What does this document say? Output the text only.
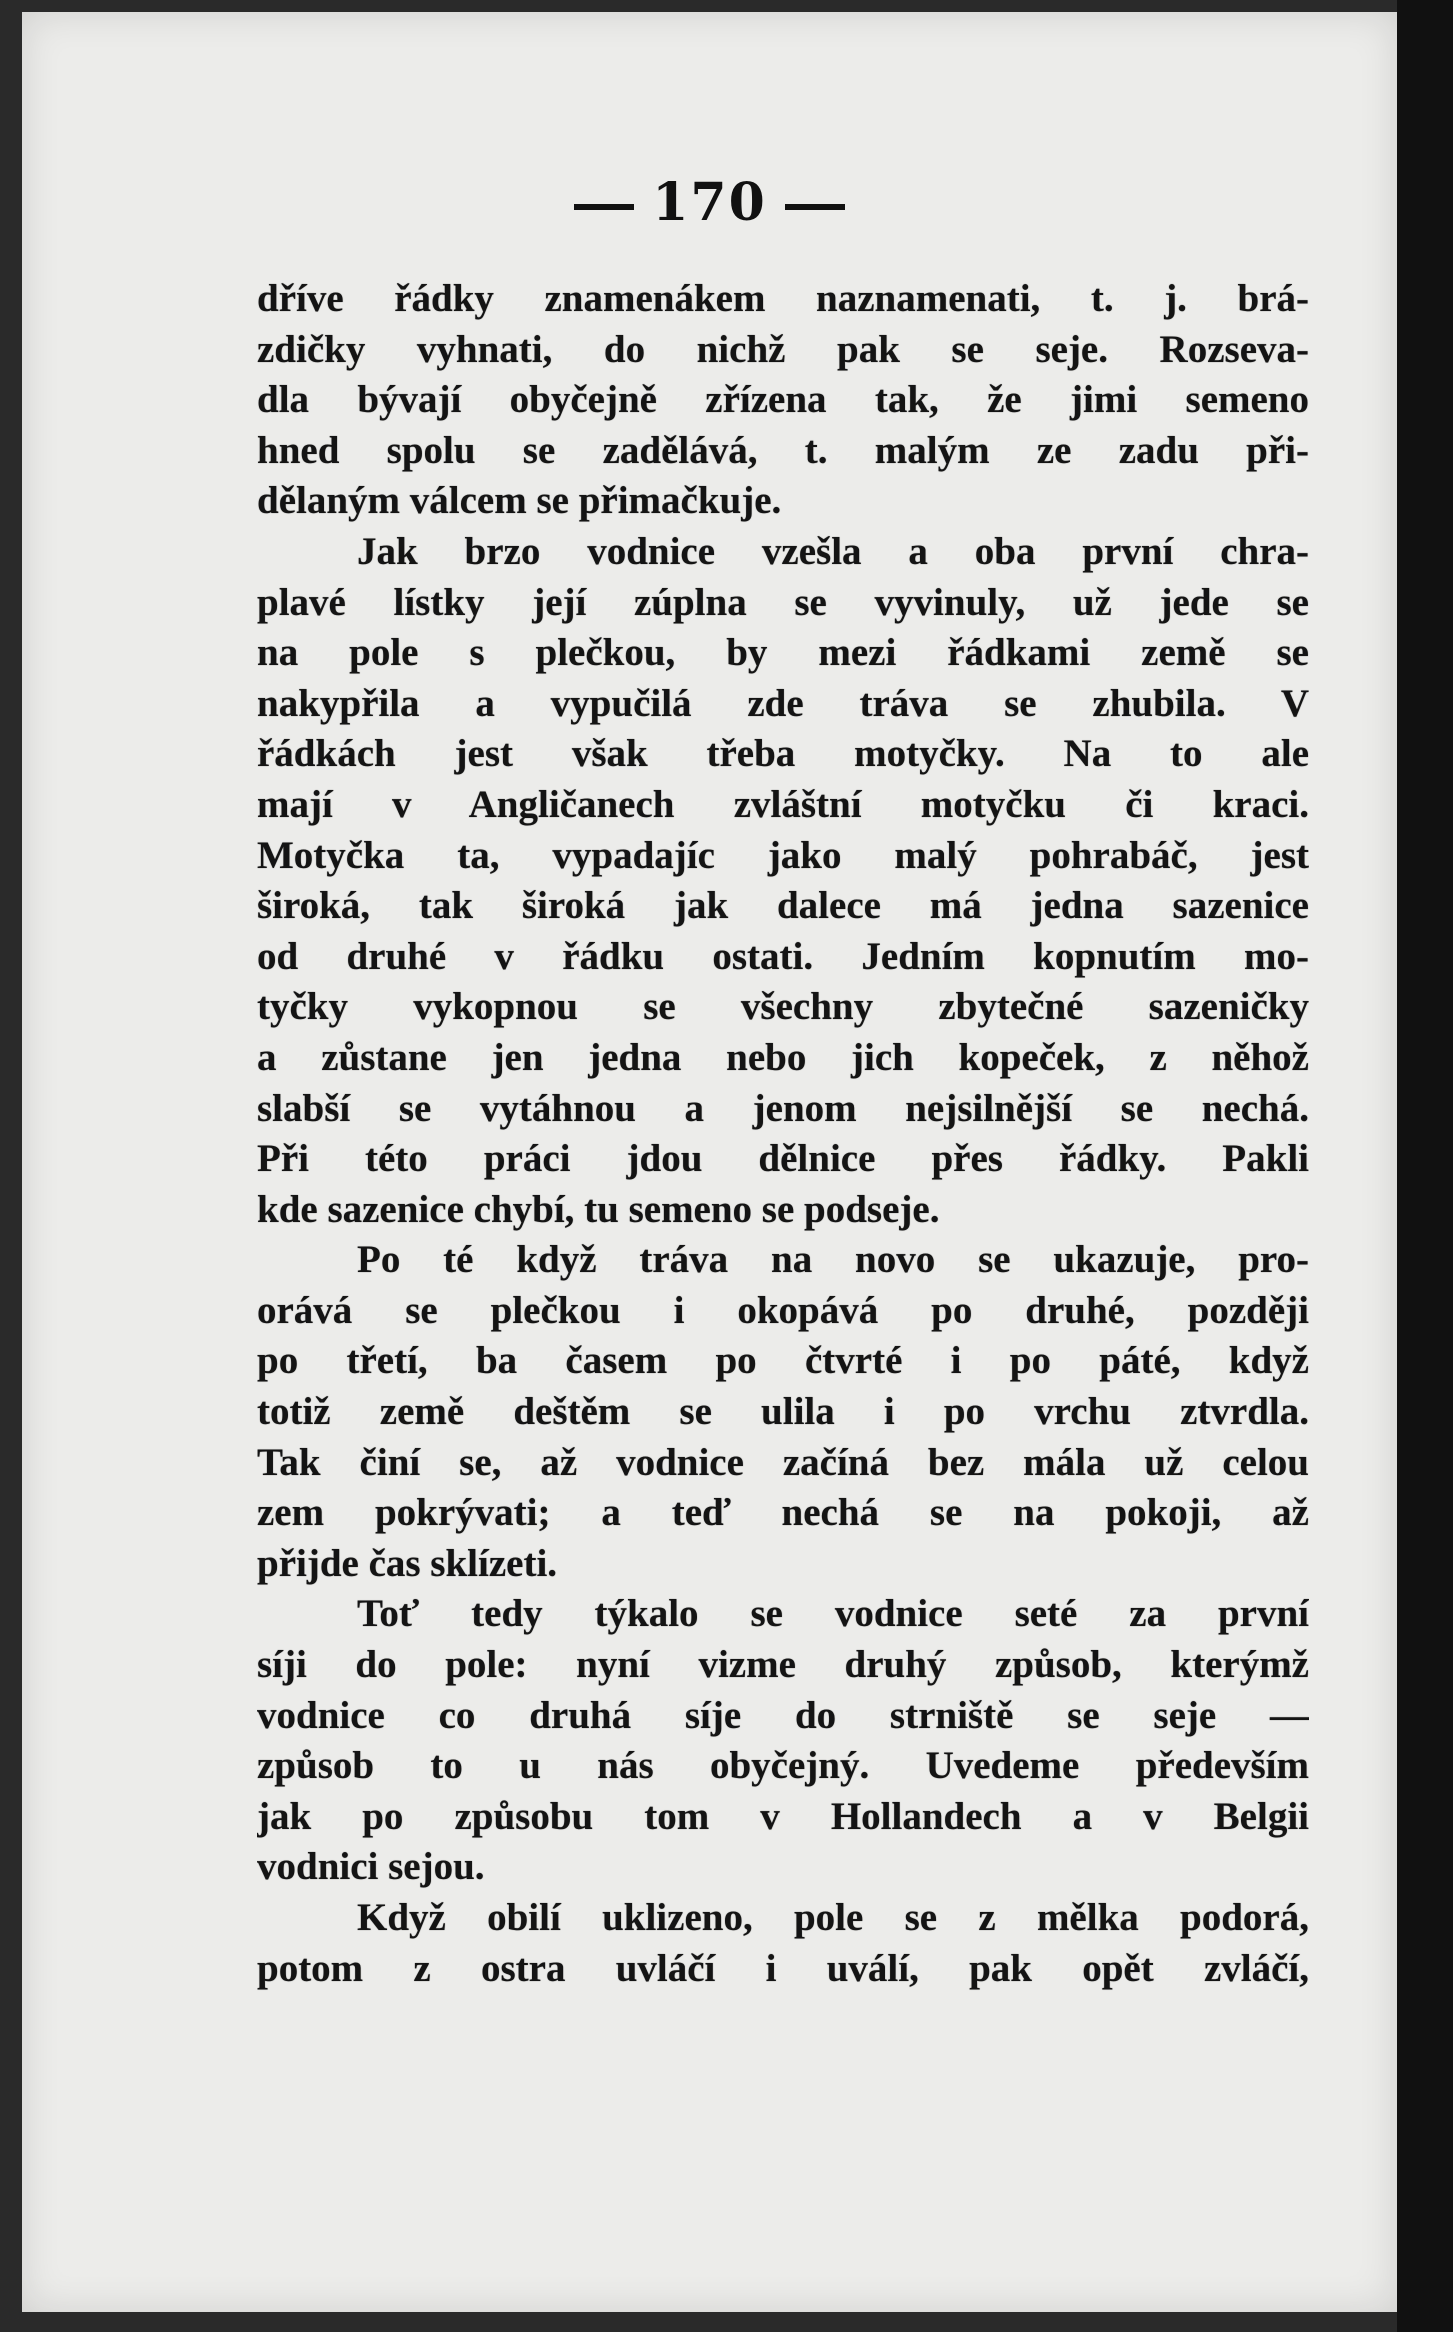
170
dříve řádky znamenákem naznamenati, t. j. brá-
zdičky vyhnati, do nichž pak se seje. Rozseva-
dla bývají obyčejně zřízena tak, že jimi semeno
hned spolu se zadělává, t. malým ze zadu při-
dělaným válcem se přimačkuje.
Jak brzo vodnice vzešla a oba první chra-
plavé lístky její zúplna se vyvinuly, už jede se
na pole s plečkou, by mezi řádkami země se
nakypřila a vypučilá zde tráva se zhubila. V
řádkách jest však třeba motyčky. Na to ale
mají v Angličanech zvláštní motyčku či kraci.
Motyčka ta, vypadajíc jako malý pohrabáč, jest
široká, tak široká jak dalece má jedna sazenice
od druhé v řádku ostati. Jedním kopnutím mo-
tyčky vykopnou se všechny zbytečné sazeničky
a zůstane jen jedna nebo jich kopeček, z něhož
slabší se vytáhnou a jenom nejsilnější se nechá.
Při této práci jdou dělnice přes řádky. Pakli
kde sazenice chybí, tu semeno se podseje.
Po té když tráva na novo se ukazuje, pro-
orává se plečkou i okopává po druhé, později
po třetí, ba časem po čtvrté i po páté, když
totiž země deštěm se ulila i po vrchu ztvrdla.
Tak činí se, až vodnice začíná bez mála už celou
zem pokrývati; a teď nechá se na pokoji, až
přijde čas sklízeti.
Toť tedy týkalo se vodnice seté za první
síji do pole: nyní vizme druhý způsob, kterýmž
vodnice co druhá síje do strniště se seje —
způsob to u nás obyčejný. Uvedeme především
jak po způsobu tom v Hollandech a v Belgii
vodnici sejou.
Když obilí uklizeno, pole se z mělka podorá,
potom z ostra uvláčí i uválí, pak opět zvláčí,
